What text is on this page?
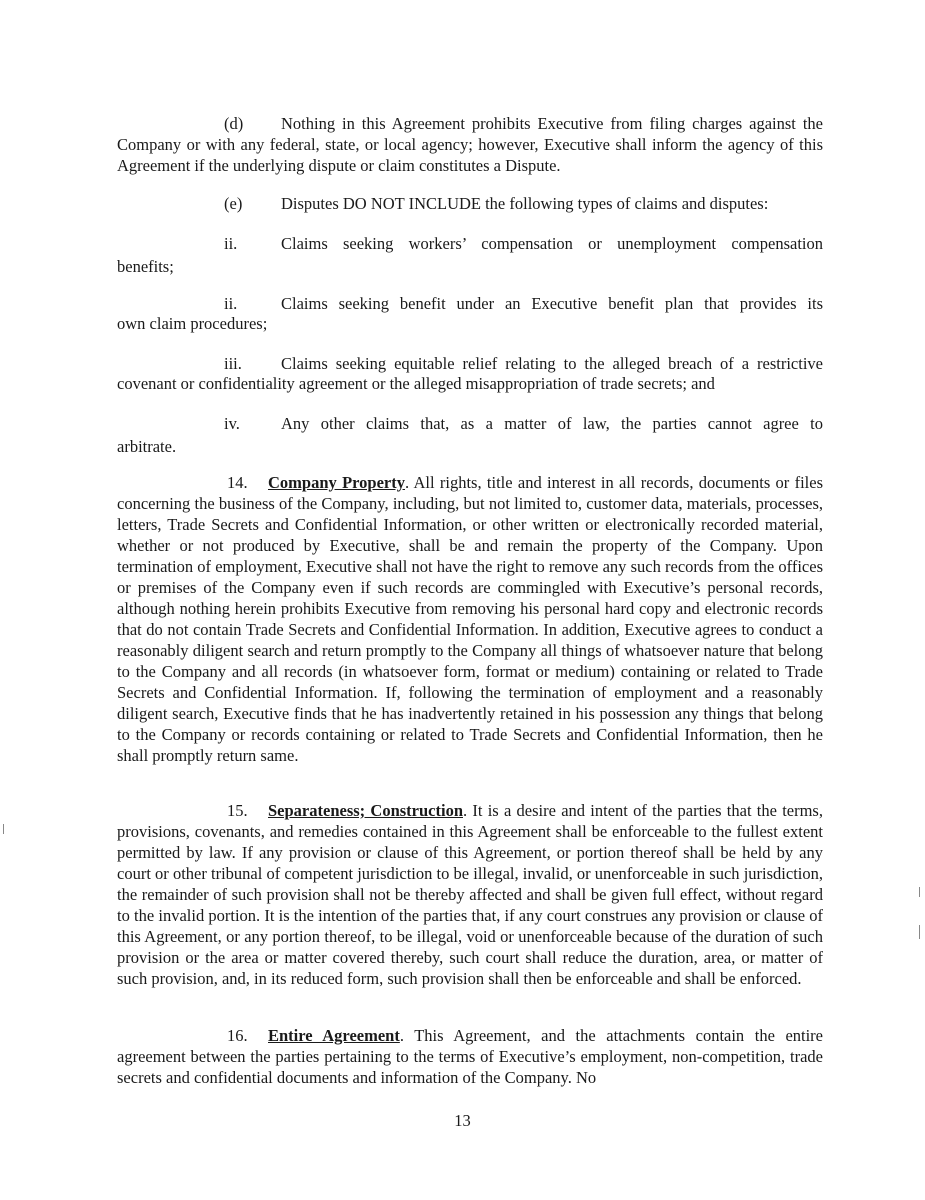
(d) Nothing in this Agreement prohibits Executive from filing charges against the Company or with any federal, state, or local agency; however, Executive shall inform the agency of this Agreement if the underlying dispute or claim constitutes a Dispute.

(e) Disputes DO NOT INCLUDE the following types of claims and disputes:

ii.	Claims seeking workers’ compensation or unemployment compensation

benefits;

ii.	Claims seeking benefit under an Executive benefit plan that provides its

own claim procedures;

iii. Claims seeking equitable relief relating to the alleged breach of a restrictive

covenant or confidentiality agreement or the alleged misappropriation of trade secrets; and

iv. Any other claims that, as a matter of law, the parties cannot agree to

arbitrate.

14. Company Property. All rights, title and interest in all records, documents or files concerning the business of the Company, including, but not limited to, customer data, materials, processes, letters, Trade Secrets and Confidential Information, or other written or electronically recorded material, whether or not produced by Executive, shall be and remain the property of the Company. Upon termination of employment, Executive shall not have the right to remove any such records from the offices or premises of the Company even if such records are commingled with Executive’s personal records, although nothing herein prohibits Executive from removing his personal hard copy and electronic records that do not contain Trade Secrets and Confidential Information. In addition, Executive agrees to conduct a reasonably diligent search and return promptly to the Company all things of whatsoever nature that belong to the Company and all records (in whatsoever form, format or medium) containing or related to Trade Secrets and Confidential Information. If, following the termination of employment and a reasonably diligent search, Executive finds that he has inadvertently retained in his possession any things that belong to the Company or records containing or related to Trade Secrets and Confidential Information, then he shall promptly return same.

15. Separateness; Construction. It is a desire and intent of the parties that the terms, provisions, covenants, and remedies contained in this Agreement shall be enforceable to the fullest extent permitted by law. If any provision or clause of this Agreement, or portion thereof shall be held by any court or other tribunal of competent jurisdiction to be illegal, invalid, or unenforceable in such jurisdiction, the remainder of such provision shall not be thereby affected and shall be given full effect, without regard to the invalid portion. It is the intention of the parties that, if any court construes any provision or clause of this Agreement, or any portion thereof, to be illegal, void or unenforceable because of the duration of such provision or the area or matter covered thereby, such court shall reduce the duration, area, or matter of such provision, and, in its reduced form, such provision shall then be enforceable and shall be enforced.

16. Entire Agreement. This Agreement, and the attachments contain the entire agreement between the parties pertaining to the terms of Executive’s employment, non-competition, trade secrets and confidential documents and information of the Company. No

13
